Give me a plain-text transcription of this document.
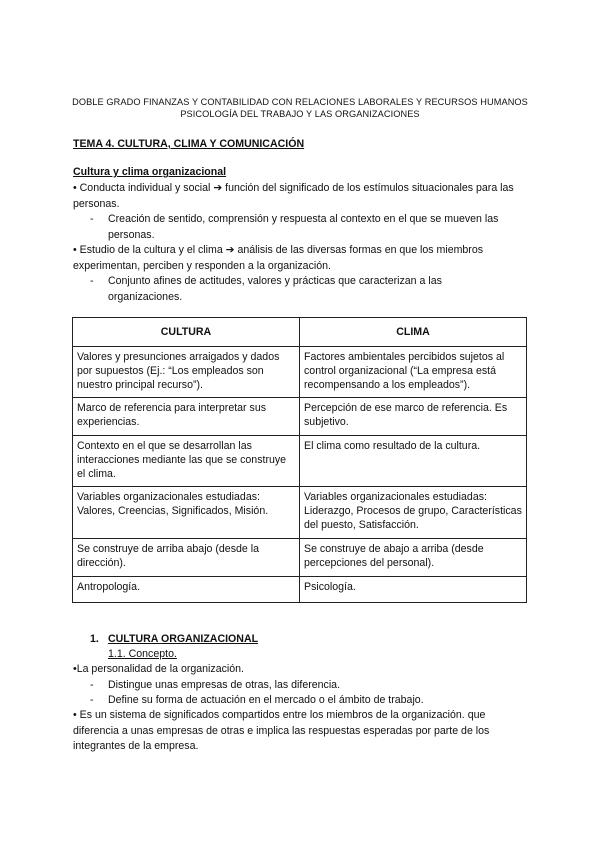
DOBLE GRADO FINANZAS Y CONTABILIDAD CON RELACIONES LABORALES Y RECURSOS HUMANOS
PSICOLOGÍA DEL TRABAJO Y LAS ORGANIZACIONES
TEMA 4. CULTURA, CLIMA Y COMUNICACIÓN
Cultura y clima organizacional
• Conducta individual y social ➔ función del significado de los estímulos situacionales para las personas.
- Creación de sentido, comprensión y respuesta al contexto en el que se mueven las personas.
• Estudio de la cultura y el clima ➔ análisis de las diversas formas en que los miembros experimentan, perciben y responden a la organización.
- Conjunto afines de actitudes, valores y prácticas que caracterizan a las organizaciones.
CULTURA	CLIMA
Valores y presunciones arraigados y dados por supuestos (Ej.: “Los empleados son nuestro principal recurso”).	Factores ambientales percibidos sujetos al control organizacional (“La empresa está recompensando a los empleados”).
Marco de referencia para interpretar sus experiencias.	Percepción de ese marco de referencia. Es subjetivo.
Contexto en el que se desarrollan las interacciones mediante las que se construye el clima.	El clima como resultado de la cultura.
Variables organizacionales estudiadas: Valores, Creencias, Significados, Misión.	Variables organizacionales estudiadas: Liderazgo, Procesos de grupo, Características del puesto, Satisfacción.
Se construye de arriba abajo (desde la dirección).	Se construye de abajo a arriba (desde percepciones del personal).
Antropología.	Psicología.
1. CULTURA ORGANIZACIONAL
1.1. Concepto.
•La personalidad de la organización.
- Distingue unas empresas de otras, las diferencia.
- Define su forma de actuación en el mercado o el ámbito de trabajo.
• Es un sistema de significados compartidos entre los miembros de la organización. que diferencia a unas empresas de otras e implica las respuestas esperadas por parte de los integrantes de la empresa.
